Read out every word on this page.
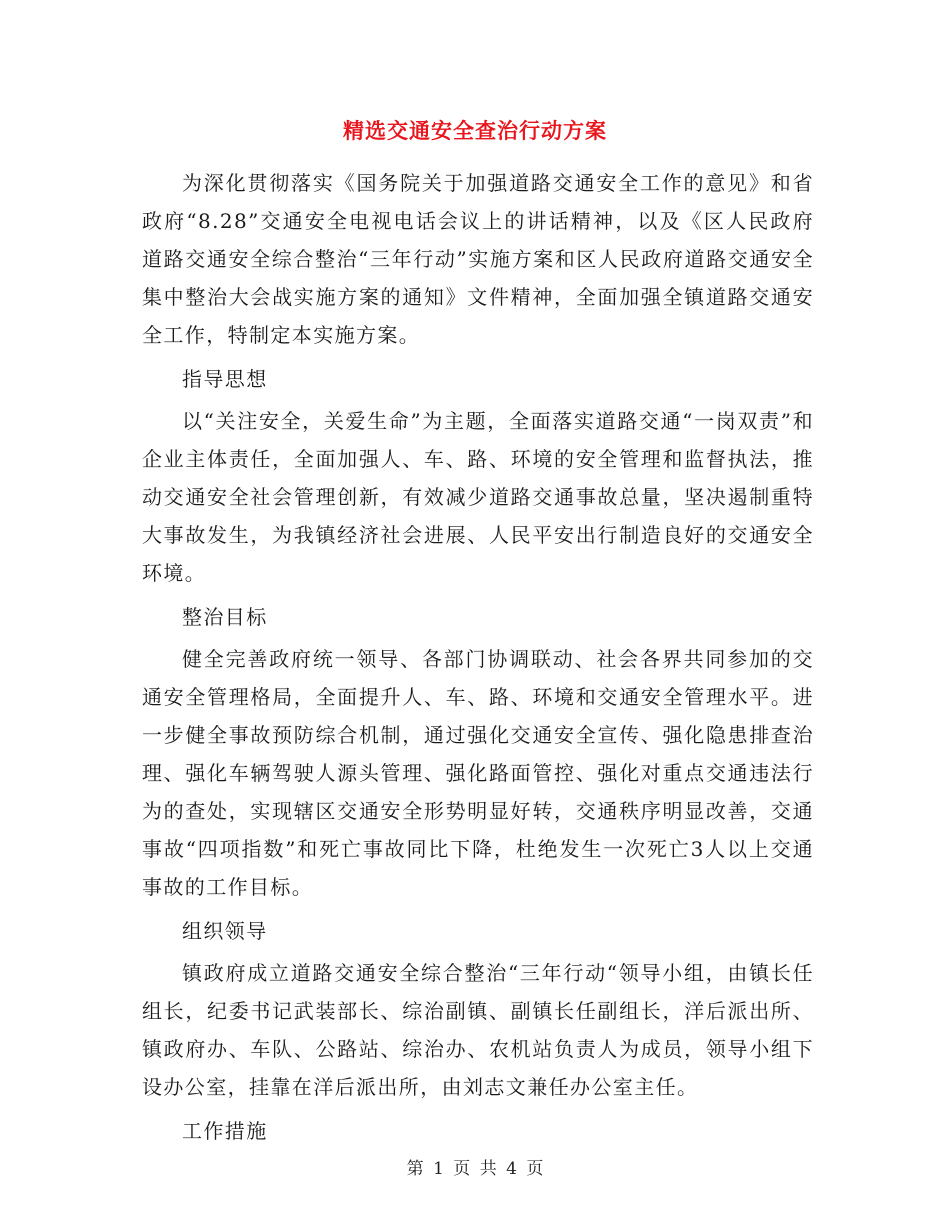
精选交通安全查治行动方案

为深化贯彻落实《国务院关于加强道路交通安全工作的意见》和省政府“8.28”交通安全电视电话会议上的讲话精神，以及《区人民政府道路交通安全综合整治“三年行动”实施方案和区人民政府道路交通安全集中整治大会战实施方案的通知》文件精神，全面加强全镇道路交通安全工作，特制定本实施方案。

指导思想

以“关注安全，关爱生命”为主题，全面落实道路交通“一岗双责”和企业主体责任，全面加强人、车、路、环境的安全管理和监督执法，推动交通安全社会管理创新，有效减少道路交通事故总量，坚决遏制重特大事故发生，为我镇经济社会进展、人民平安出行制造良好的交通安全环境。

整治目标

健全完善政府统一领导、各部门协调联动、社会各界共同参加的交通安全管理格局，全面提升人、车、路、环境和交通安全管理水平。进一步健全事故预防综合机制，通过强化交通安全宣传、强化隐患排查治理、强化车辆驾驶人源头管理、强化路面管控、强化对重点交通违法行为的查处，实现辖区交通安全形势明显好转，交通秩序明显改善，交通事故“四项指数”和死亡事故同比下降，杜绝发生一次死亡3人以上交通事故的工作目标。

组织领导

镇政府成立道路交通安全综合整治“三年行动“领导小组，由镇长任组长，纪委书记武装部长、综治副镇、副镇长任副组长，洋后派出所、镇政府办、车队、公路站、综治办、农机站负责人为成员，领导小组下设办公室，挂靠在洋后派出所，由刘志文兼任办公室主任。

工作措施

第 1 页 共 4 页
